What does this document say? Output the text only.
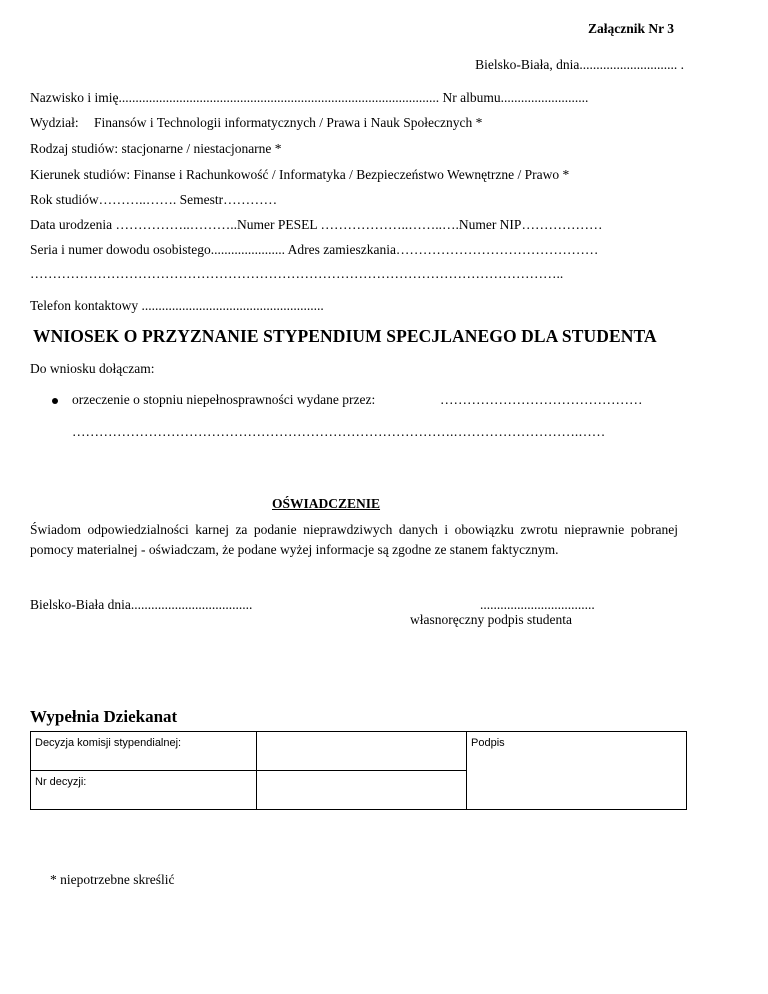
Załącznik Nr 3
Bielsko-Biała, dnia............................. .
Nazwisko i imię............................................................................................... Nr albumu..........................
Wydział: Finansów i Technologii informatycznych / Prawa i Nauk Społecznych *
Rodzaj studiów: stacjonarne / niestacjonarne *
Kierunek studiów: Finanse i Rachunkowość / Informatyka / Bezpieczeństwo Wewnętrzne / Prawo *
Rok studiów………..……. Semestr…………
Data urodzenia ……………..………..Numer PESEL ………………..……..….Numer NIP………………
Seria i numer dowodu osobistego...................... Adres zamieszkania………………………………………
………………………………………………………………………………………………………..
Telefon kontaktowy ......................................................
WNIOSEK O PRZYZNANIE STYPENDIUM SPECJLANEGO DLA STUDENTA
Do wniosku dołączam:
orzeczenie o stopniu niepełnosprawności wydane przez:	………………………………………
………………………………………………………………………….……………………….……
OŚWIADCZENIE
Świadom odpowiedzialności karnej za podanie nieprawdziwych danych i obowiązku zwrotu nieprawnie pobranej pomocy materialnej - oświadczam, że podane wyżej informacje są zgodne ze stanem faktycznym.
Bielsko-Biała dnia....................................	..................................
własnoręczny podpis studenta
Wypełnia Dziekanat
Decyzja komisji stypendialnej:		Podpis
Nr decyzji:		
* niepotrzebne skreślić
